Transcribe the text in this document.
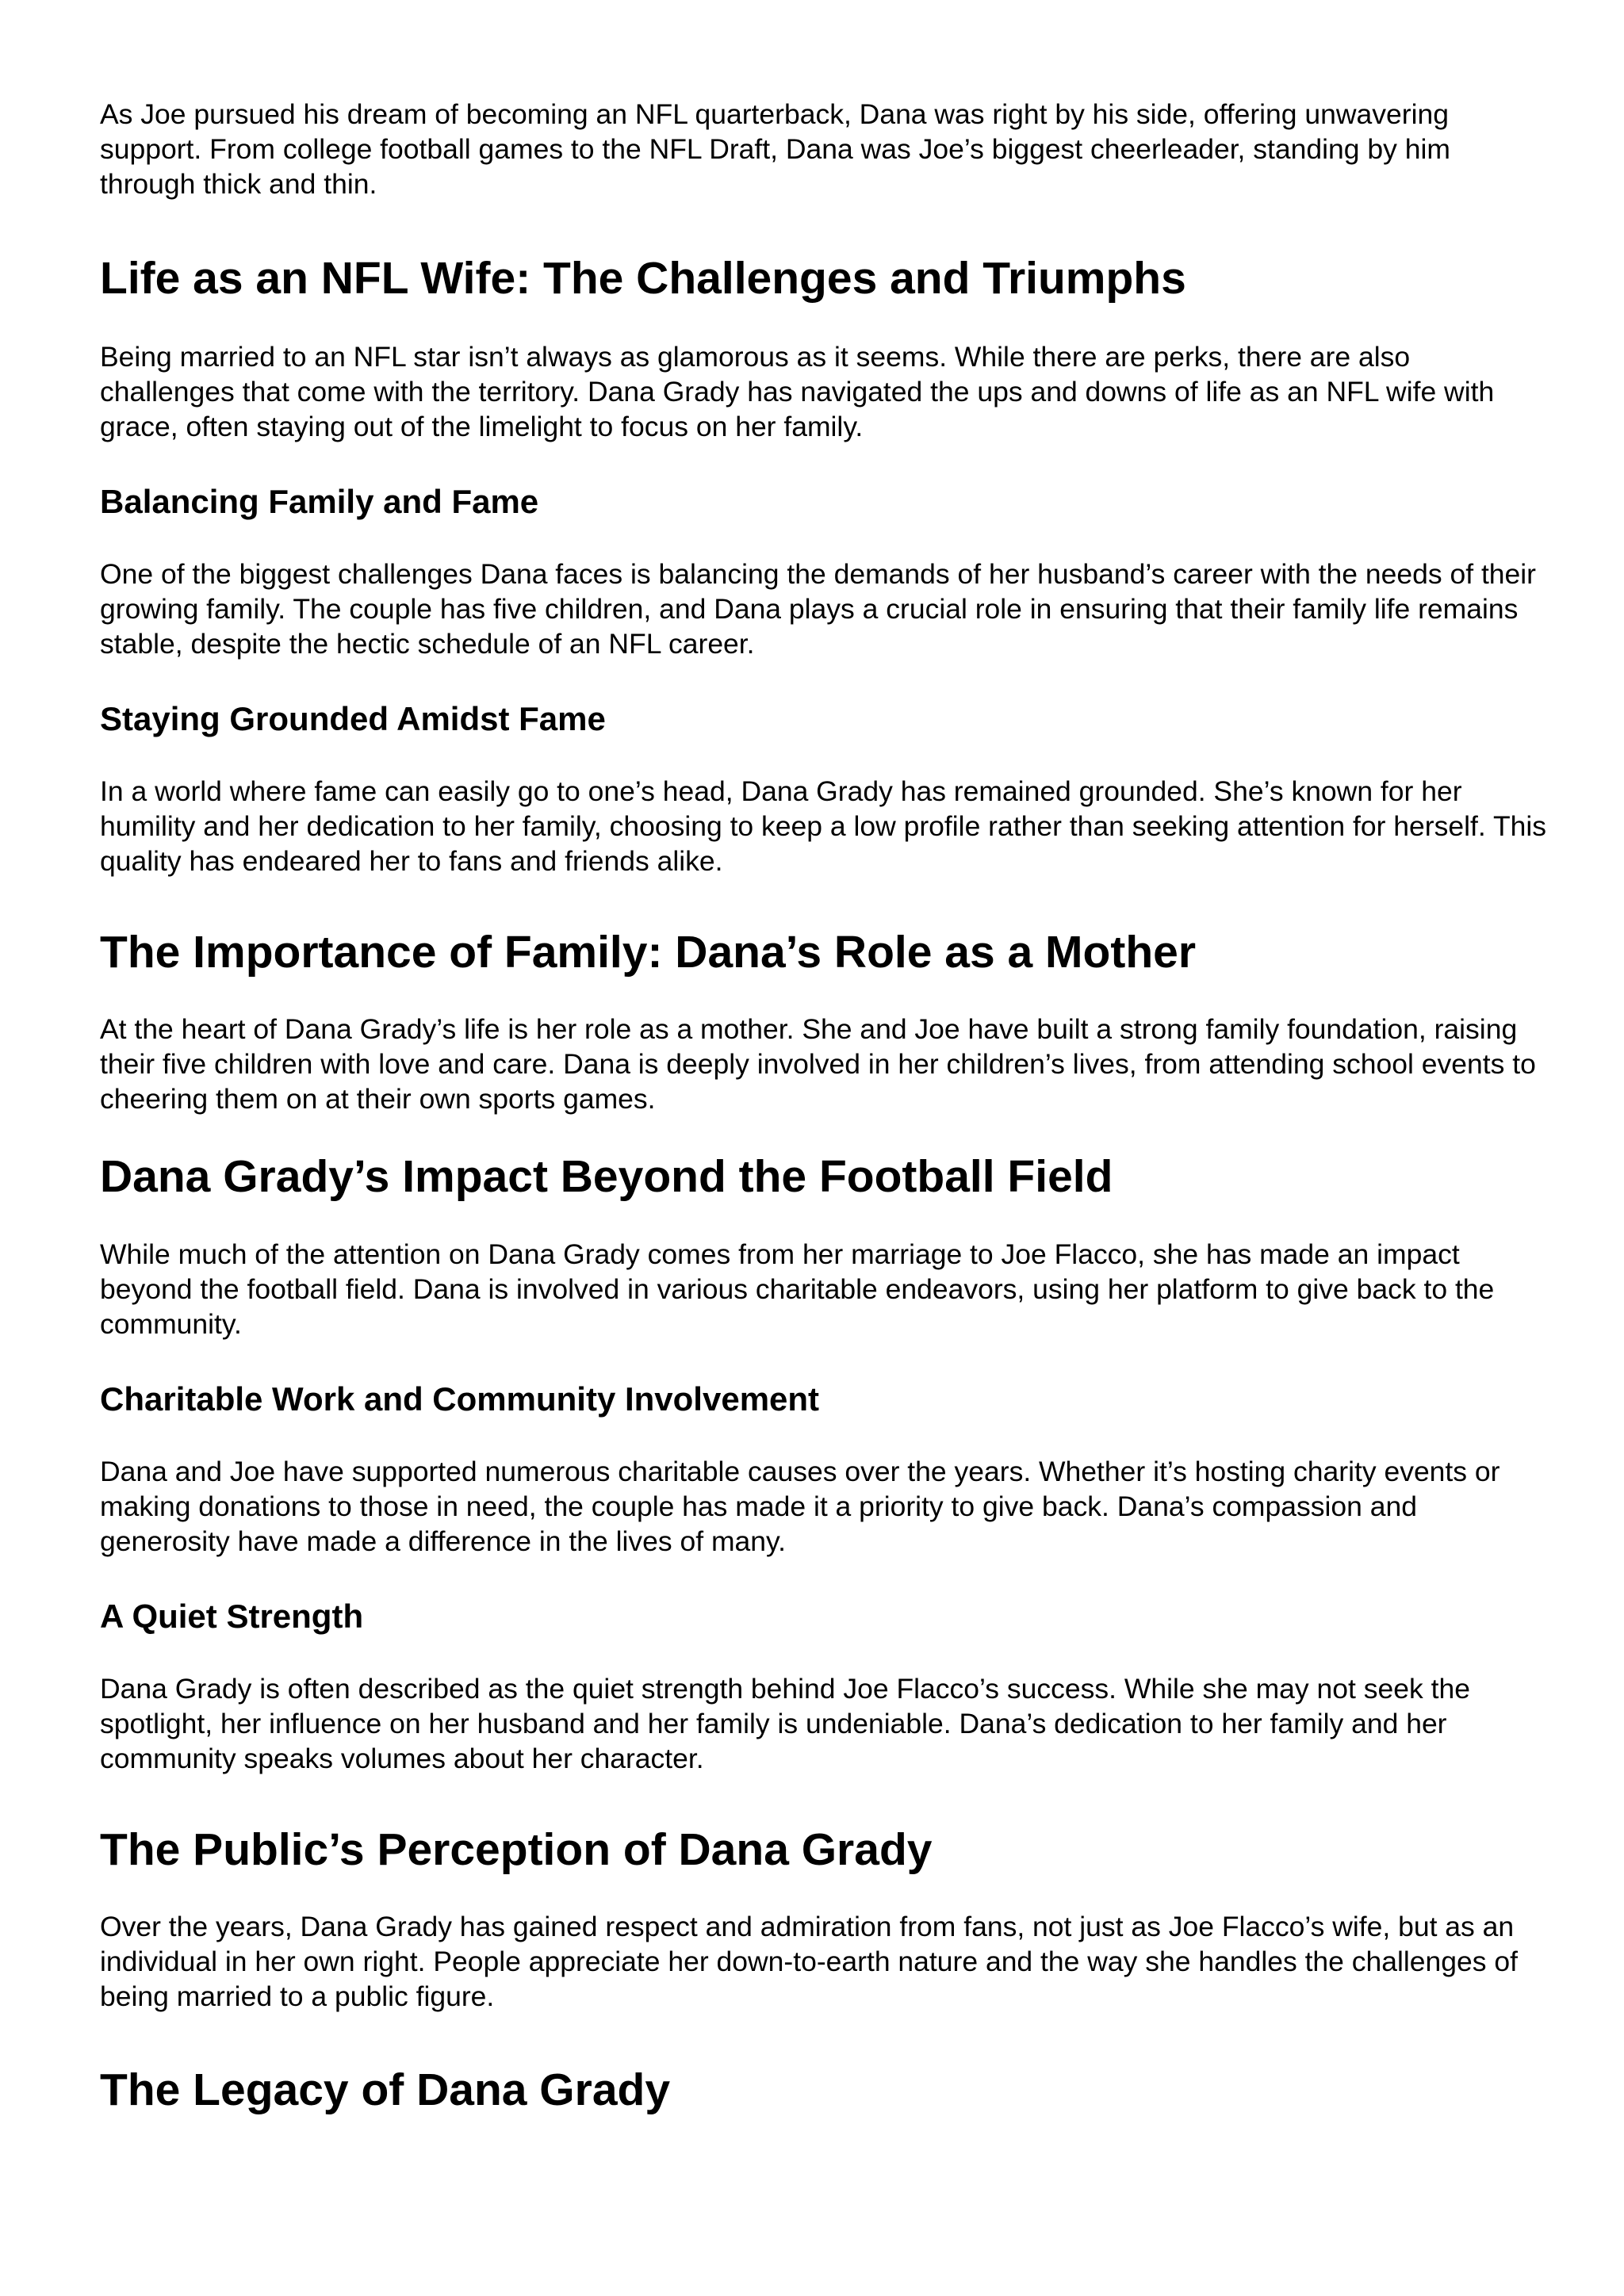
As Joe pursued his dream of becoming an NFL quarterback, Dana was right by his side, offering unwavering support. From college football games to the NFL Draft, Dana was Joe’s biggest cheerleader, standing by him through thick and thin.

Life as an NFL Wife: The Challenges and Triumphs

Being married to an NFL star isn’t always as glamorous as it seems. While there are perks, there are also challenges that come with the territory. Dana Grady has navigated the ups and downs of life as an NFL wife with grace, often staying out of the limelight to focus on her family.

Balancing Family and Fame

One of the biggest challenges Dana faces is balancing the demands of her husband’s career with the needs of their growing family. The couple has five children, and Dana plays a crucial role in ensuring that their family life remains stable, despite the hectic schedule of an NFL career.

Staying Grounded Amidst Fame

In a world where fame can easily go to one’s head, Dana Grady has remained grounded. She’s known for her humility and her dedication to her family, choosing to keep a low profile rather than seeking attention for herself. This quality has endeared her to fans and friends alike.

The Importance of Family: Dana’s Role as a Mother

At the heart of Dana Grady’s life is her role as a mother. She and Joe have built a strong family foundation, raising their five children with love and care. Dana is deeply involved in her children’s lives, from attending school events to cheering them on at their own sports games.

Dana Grady’s Impact Beyond the Football Field

While much of the attention on Dana Grady comes from her marriage to Joe Flacco, she has made an impact beyond the football field. Dana is involved in various charitable endeavors, using her platform to give back to the community.

Charitable Work and Community Involvement

Dana and Joe have supported numerous charitable causes over the years. Whether it’s hosting charity events or making donations to those in need, the couple has made it a priority to give back. Dana’s compassion and generosity have made a difference in the lives of many.

A Quiet Strength

Dana Grady is often described as the quiet strength behind Joe Flacco’s success. While she may not seek the spotlight, her influence on her husband and her family is undeniable. Dana’s dedication to her family and her community speaks volumes about her character.

The Public’s Perception of Dana Grady

Over the years, Dana Grady has gained respect and admiration from fans, not just as Joe Flacco’s wife, but as an individual in her own right. People appreciate her down-to-earth nature and the way she handles the challenges of being married to a public figure.

The Legacy of Dana Grady
